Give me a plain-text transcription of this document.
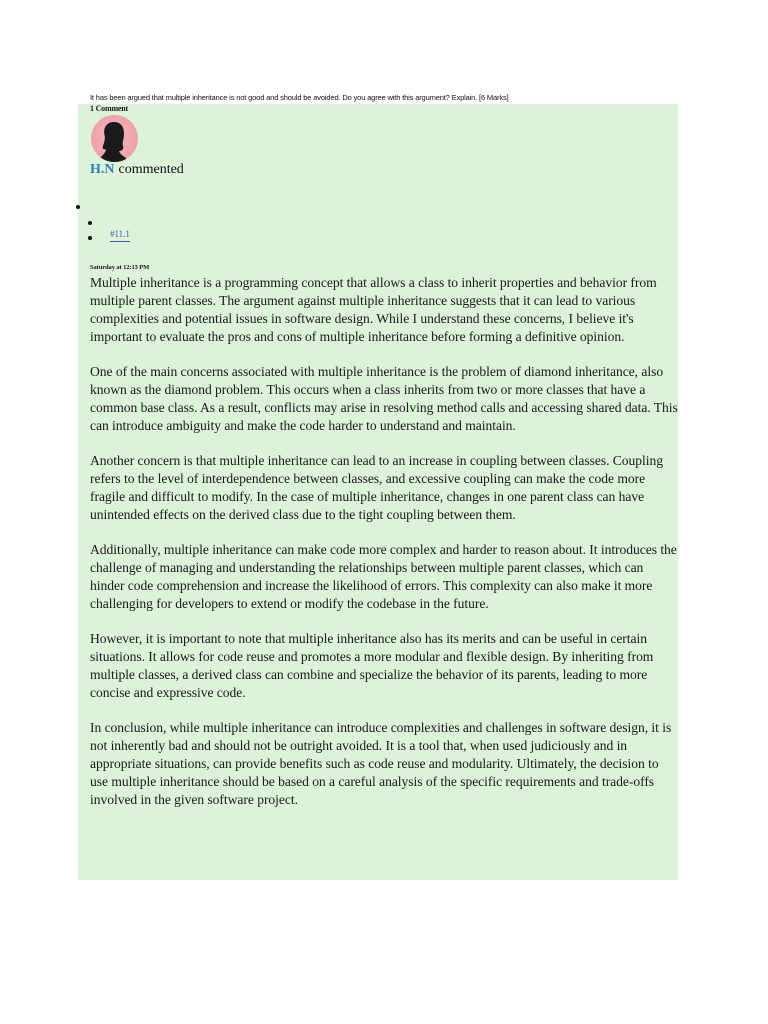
It has been argued that multiple inheritance is not good and should be avoided. Do you agree with this argument? Explain. [6 Marks]
1 Comment
H.N commented
#11.1
Saturday at 12:13 PM

Multiple inheritance is a programming concept that allows a class to inherit properties and behavior from multiple parent classes. The argument against multiple inheritance suggests that it can lead to various complexities and potential issues in software design. While I understand these concerns, I believe it's important to evaluate the pros and cons of multiple inheritance before forming a definitive opinion.

One of the main concerns associated with multiple inheritance is the problem of diamond inheritance, also known as the diamond problem. This occurs when a class inherits from two or more classes that have a common base class. As a result, conflicts may arise in resolving method calls and accessing shared data. This can introduce ambiguity and make the code harder to understand and maintain.

Another concern is that multiple inheritance can lead to an increase in coupling between classes. Coupling refers to the level of interdependence between classes, and excessive coupling can make the code more fragile and difficult to modify. In the case of multiple inheritance, changes in one parent class can have unintended effects on the derived class due to the tight coupling between them.

Additionally, multiple inheritance can make code more complex and harder to reason about. It introduces the challenge of managing and understanding the relationships between multiple parent classes, which can hinder code comprehension and increase the likelihood of errors. This complexity can also make it more challenging for developers to extend or modify the codebase in the future.

However, it is important to note that multiple inheritance also has its merits and can be useful in certain situations. It allows for code reuse and promotes a more modular and flexible design. By inheriting from multiple classes, a derived class can combine and specialize the behavior of its parents, leading to more concise and expressive code.

In conclusion, while multiple inheritance can introduce complexities and challenges in software design, it is not inherently bad and should not be outright avoided. It is a tool that, when used judiciously and in appropriate situations, can provide benefits such as code reuse and modularity. Ultimately, the decision to use multiple inheritance should be based on a careful analysis of the specific requirements and trade-offs involved in the given software project.
